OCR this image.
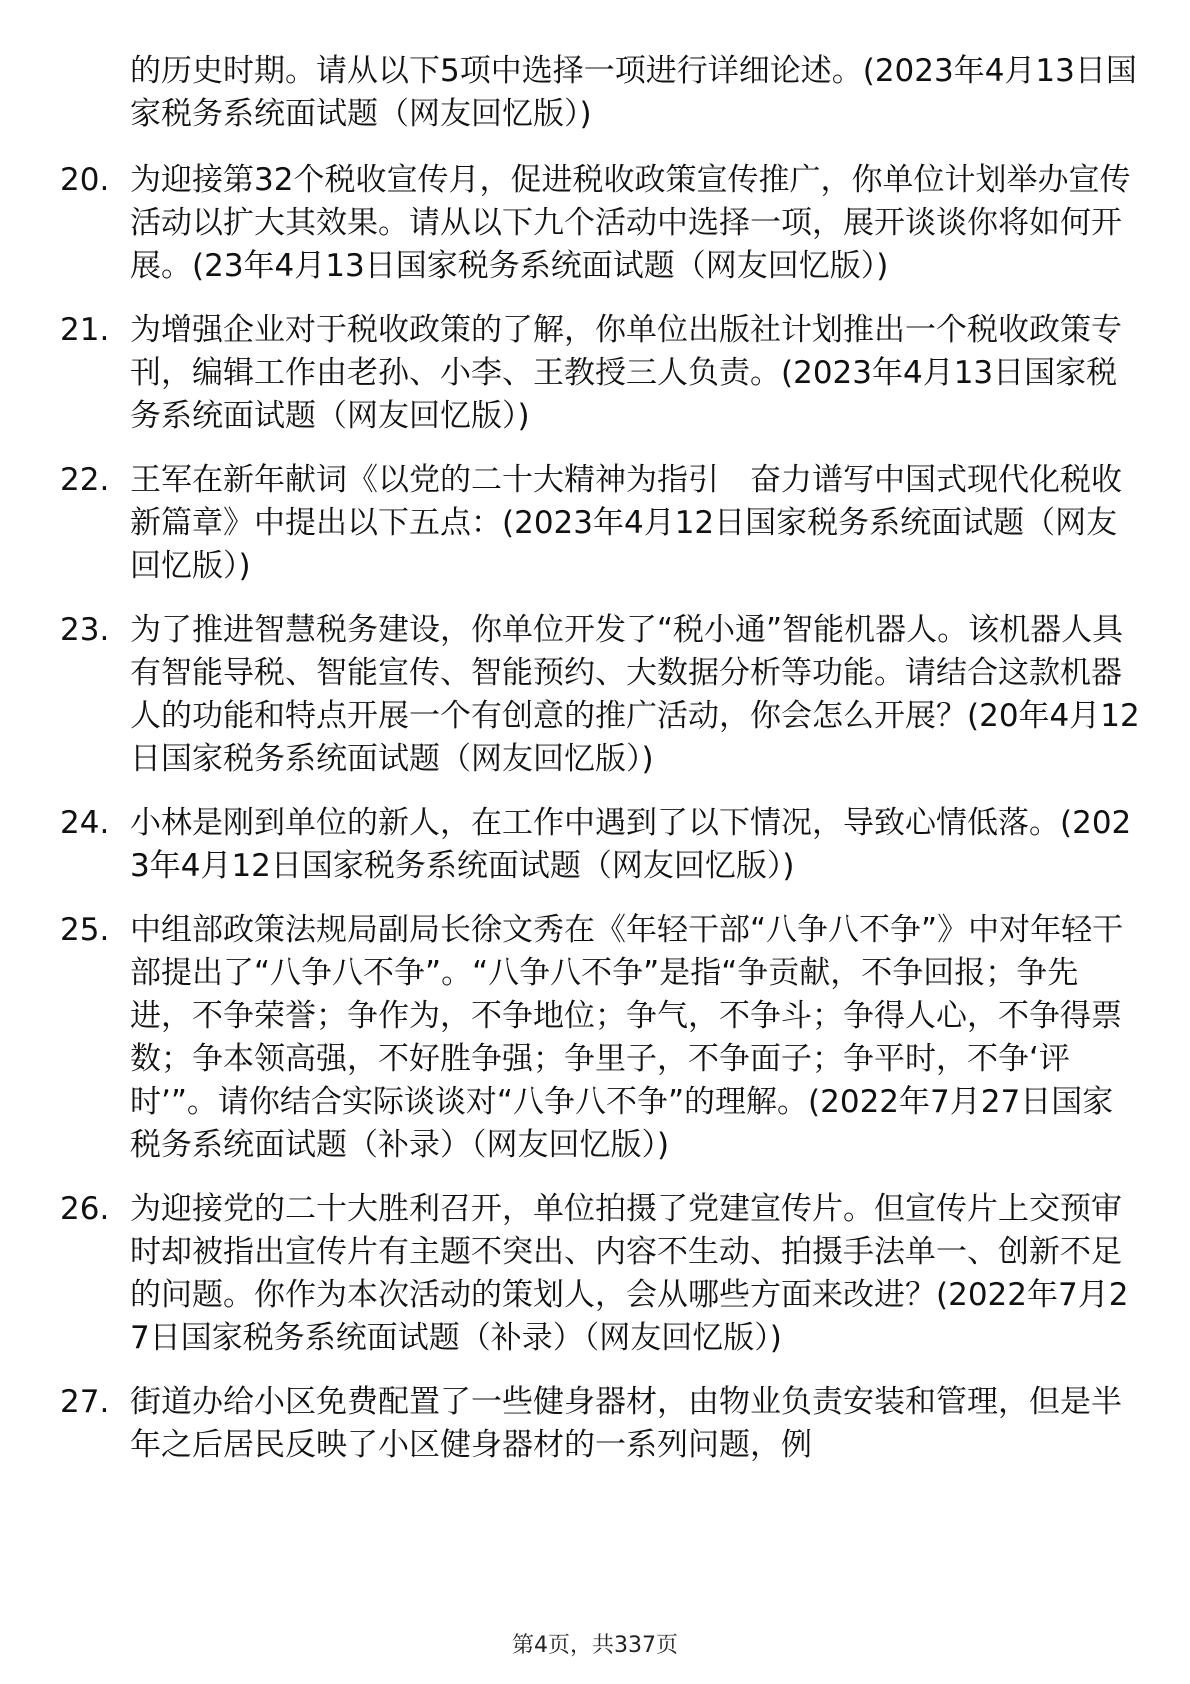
的历史时期。请从以下5项中选择一项进行详细论述。(2023年4月13日国家税务系统面试题（网友回忆版）)
20. 为迎接第32个税收宣传月，促进税收政策宣传推广，你单位计划举办宣传活动以扩大其效果。请从以下九个活动中选择一项，展开谈谈你将如何开展。(23年4月13日国家税务系统面试题（网友回忆版）)
21. 为增强企业对于税收政策的了解，你单位出版社计划推出一个税收政策专刊，编辑工作由老孙、小李、王教授三人负责。(2023年4月13日国家税务系统面试题（网友回忆版）)
22. 王军在新年献词《以党的二十大精神为指引　奋力谱写中国式现代化税收新篇章》中提出以下五点：(2023年4月12日国家税务系统面试题（网友回忆版）)
23. 为了推进智慧税务建设，你单位开发了“税小通”智能机器人。该机器人具有智能导税、智能宣传、智能预约、大数据分析等功能。请结合这款机器人的功能和特点开展一个有创意的推广活动，你会怎么开展？(20年4月12日国家税务系统面试题（网友回忆版）)
24. 小林是刚到单位的新人，在工作中遇到了以下情况，导致心情低落。(2023年4月12日国家税务系统面试题（网友回忆版）)
25. 中组部政策法规局副局长徐文秀在《年轻干部“八争八不争”》中对年轻干部提出了“八争八不争”。“八争八不争”是指“争贡献，不争回报；争先进，不争荣誉；争作为，不争地位；争气，不争斗；争得人心，不争得票数；争本领高强，不好胜争强；争里子，不争面子；争平时，不争‘评时’”。请你结合实际谈谈对“八争八不争”的理解。(2022年7月27日国家税务系统面试题（补录）（网友回忆版）)
26. 为迎接党的二十大胜利召开，单位拍摄了党建宣传片。但宣传片上交预审时却被指出宣传片有主题不突出、内容不生动、拍摄手法单一、创新不足的问题。你作为本次活动的策划人，会从哪些方面来改进？(2022年7月27日国家税务系统面试题（补录）（网友回忆版）)
27. 街道办给小区免费配置了一些健身器材，由物业负责安装和管理，但是半年之后居民反映了小区健身器材的一系列问题，例
第4页，共337页
